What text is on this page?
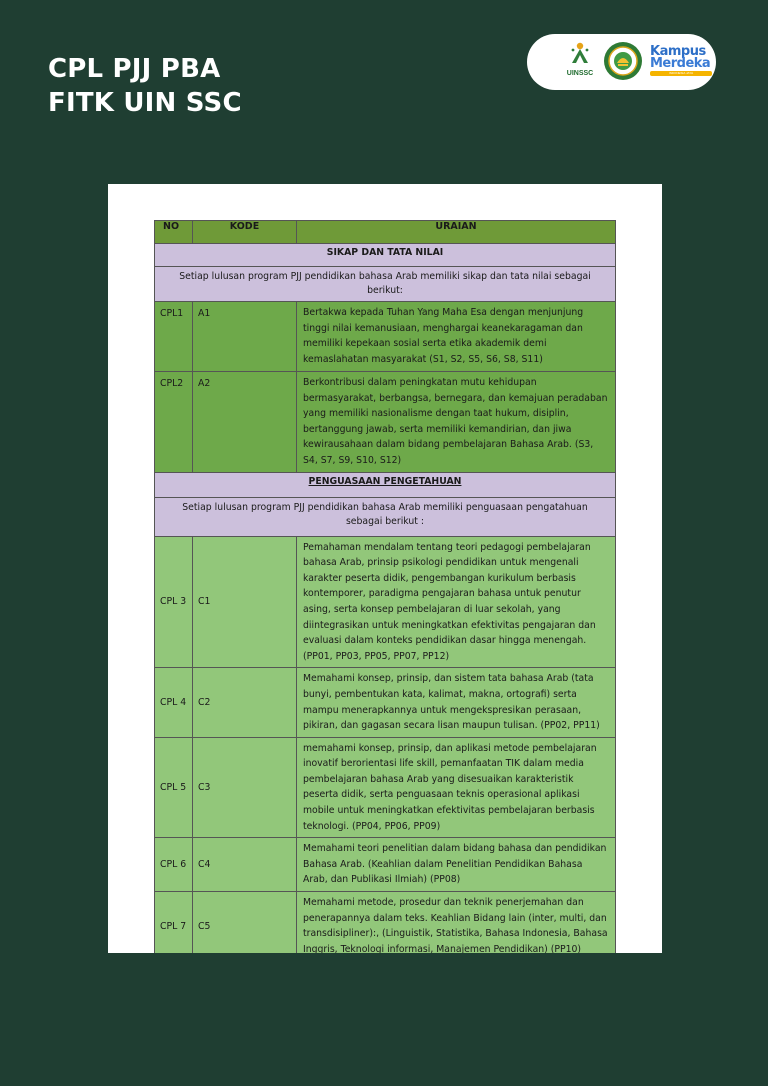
CPL PJJ PBA
FITK UIN SSC
UINSSC

Kampus
Merdeka
INDONESIA JAYA
NO	KODE	URAIAN
SIKAP DAN TATA NILAI		
Setiap lulusan program PJJ pendidikan bahasa Arab memiliki sikap dan tata nilai sebagai berikut:		
CPL1	A1	Bertakwa kepada Tuhan Yang Maha Esa dengan menjunjung tinggi nilai kemanusiaan, menghargai keanekaragaman dan memiliki kepekaan sosial serta etika akademik demi kemaslahatan masyarakat (S1, S2, S5, S6, S8, S11)
CPL2	A2	Berkontribusi dalam peningkatan mutu kehidupan bermasyarakat, berbangsa, bernegara, dan kemajuan peradaban yang memiliki nasionalisme dengan taat hukum, disiplin, bertanggung jawab, serta memiliki kemandirian, dan jiwa kewirausahaan dalam bidang pembelajaran Bahasa Arab. (S3, S4, S7, S9, S10, S12)
PENGUASAAN PENGETAHUAN		
Setiap lulusan program PJJ pendidikan bahasa Arab memiliki penguasaan pengatahuan sebagai berikut :		
CPL 3	C1	Pemahaman mendalam tentang teori pedagogi pembelajaran bahasa Arab, prinsip psikologi pendidikan untuk mengenali karakter peserta didik, pengembangan kurikulum berbasis kontemporer, paradigma pengajaran bahasa untuk penutur asing, serta konsep pembelajaran di luar sekolah, yang diintegrasikan untuk meningkatkan efektivitas pengajaran dan evaluasi dalam konteks pendidikan dasar hingga menengah. (PP01, PP03, PP05, PP07, PP12)
CPL 4	C2	Memahami konsep, prinsip, dan sistem tata bahasa Arab (tata bunyi, pembentukan kata, kalimat, makna, ortografi) serta mampu menerapkannya untuk mengekspresikan perasaan, pikiran, dan gagasan secara lisan maupun tulisan. (PP02, PP11)
CPL 5	C3	memahami konsep, prinsip, dan aplikasi metode pembelajaran inovatif berorientasi life skill, pemanfaatan TIK dalam media pembelajaran bahasa Arab yang disesuaikan karakteristik peserta didik, serta penguasaan teknis operasional aplikasi mobile untuk meningkatkan efektivitas pembelajaran berbasis teknologi. (PP04, PP06, PP09)
CPL 6	C4	Memahami teori penelitian dalam bidang bahasa dan pendidikan Bahasa Arab. (Keahlian dalam Penelitian Pendidikan Bahasa Arab, dan Publikasi Ilmiah) (PP08)
CPL 7	C5	Memahami metode, prosedur dan teknik penerjemahan dan penerapannya dalam teks. Keahlian Bidang lain (inter, multi, dan transdisipliner):, (Linguistik, Statistika, Bahasa Indonesia, Bahasa Inggris, Teknologi informasi, Manajemen Pendidikan) (PP10)
